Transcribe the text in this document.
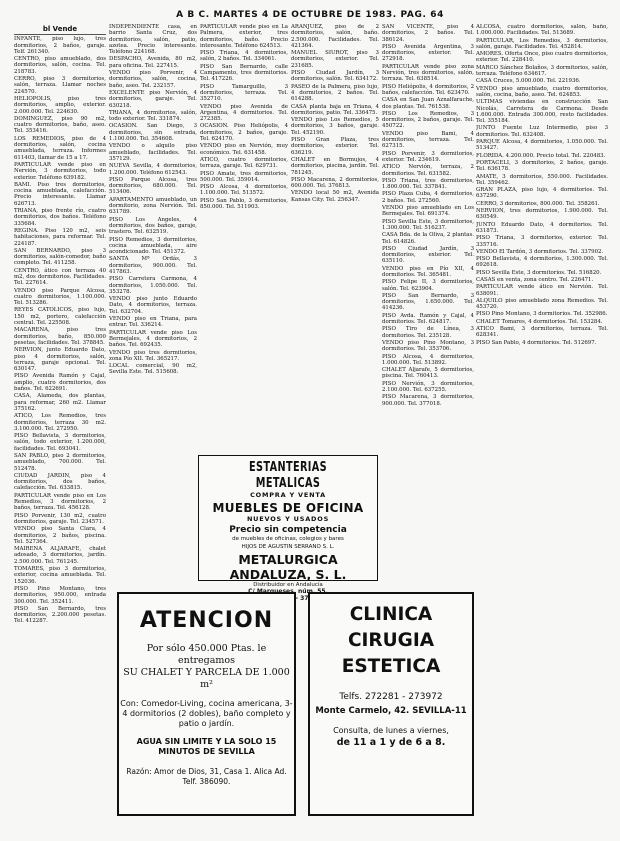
A B C. MARTES 4 DE OCTUBRE DE 1983. PAG. 64
bl Vende

INFANTE, piso lujo, tres dormitorios, 2 baños, garaje. Telf. 261340.

CENTRO, piso amueblado, dos dormitorios, salón, cocina. Tel. 218783.

CERRO, piso 3 dormitorios, salón, terraza. Llamar noches 224570.

HELIOPOLIS, piso tres dormitorios, amplio, exterior. 2.000.000. Tel. 224630.

DOMINGUEZ, piso 90 m2, cuatro dormitorios, baño, aseo. Tel. 353416.

LOS REMEDIOS, piso de 4 dormitorios, salón, cocina amueblada, terraza. Informes 611403, llamar de 15 a 17.

PARTICULAR vende piso en Nervión, 3 dormitorios, todo exterior. Teléfono 639182.

BAMI. Piso tres dormitorios, cocina amueblada, calefacción. Precio interesante. Llamar 626713.

TRIANA, piso frente río, cuatro dormitorios, dos baños. Teléfono 335684.

REGINA. Piso 120 m2, seis habitaciones, para reformar. Tel. 224187.

SAN BERNARDO, piso 3 dormitorios, salón-comedor, baño completo. Tel. 411258.

CENTRO, ático con terraza 40 m2, dos dormitorios. Facilidades. Tel. 227614.

VENDO piso Parque Alcosa, cuatro dormitorios, 1.100.000. Tel. 513286.

REYES CATOLICOS, piso lujo, 150 m2, portero, calefacción central. Tel. 225508.

MACARENA, piso tres dormitorios, baño, 850.000 pesetas, facilidades. Tel. 378845.

NERVION, junto Eduardo Dato, piso 4 dormitorios, salón, terraza, garaje opcional. Tel. 630147.

PISO Avenida Ramón y Cajal, amplio, cuatro dormitorios, dos baños. Tel. 622691.

CASA, Alameda, dos plantas, para reformar, 260 m2. Llamar 375162.

ATICO, Los Remedios, tres dormitorios, terraza 30 m2. 3.100.000. Tel. 272950.

PISO Bellavista, 3 dormitorios, salón, todo exterior, 1.200.000, facilidades. Tel. 693041.

SAN PABLO, piso 2 dormitorios, amueblado, 700.000. Tel. 512478.

CIUDAD JARDIN, piso 4 dormitorios, dos baños, calefacción. Tel. 633815.

PARTICULAR vende piso en Los Remedios, 3 dormitorios, 2 baños, terraza. Tel. 456128.

PISO Porvenir, 130 m2, cuatro dormitorios, garaje. Tel. 234571.

VENDO piso Santa Clara, 4 dormitorios, 2 baños, piscina. Tel. 527364.

MAIRENA ALJARAFE, chalet adosado, 3 dormitorios, jardín. 2.500.000. Tel. 761245.

TOMARES, piso 3 dormitorios, exterior, cocina amueblada. Tel. 152036.

PISO Pino Montano, tres dormitorios, 950.000, entrada 300.000. Tel. 352411.

PISO San Bernardo, tres dormitorios, 2.200.000 pesetas. Tel. 412287.

INDEPENDIENTE casa, en barrio Santa Cruz, dos dormitorios, salón, patio, azotea. Precio interesante. Teléfono 224168.

DESPACHO, Avenida, 80 m2, para oficina. Tel. 227415.

VENDO piso Porvenir, 4 dormitorios, salón, cocina, baño, aseo. Tel. 232157.

EXCELENTE piso Nervión, 4 dormitorios, garaje. Tel. 630218.

TRIANA, 4 dormitorios, salón, todo exterior. Tel. 331874.

OCASION. San Diego, 3 dormitorios, sin entrada, 1.100.000. Tel. 354608.

VENDO o alquilo piso amueblado, facilidades. Tel. 357129.

NUEVA Sevilla, 4 dormitorios, 1.200.000. Teléfono 612543.

PISO Parque Alcosa, tres dormitorios, 680.000. Tel. 513406.

APARTAMENTO amueblado, un dormitorio, zona Nervión. Tel. 631789.

PISO Los Angeles, 4 dormitorios, dos baños, garaje, trastero. Tel. 632519.

PISO Remedios, 3 dormitorios, cocina amueblada, aire acondicionado. Tel. 451372.

SANTA Mª Ordás, 3 dormitorios, 900.000. Tel. 417863.

PISO Carretera Carmona, 4 dormitorios, 1.050.000. Tel. 353278.

VENDO piso junto Eduardo Dato, 4 dormitorios, terraza. Tel. 632704.

VENDO piso en Triana, para entrar. Tel. 336214.

PARTICULAR vende piso Los Bermejales, 4 dormitorios, 2 baños. Tel. 692435.

VENDO piso tres dormitorios, zona Pío XII. Tel. 365217.

LOCAL comercial, 90 m2, Sevilla Este. Tel. 515608.

PARTICULAR vende piso en La Palmera, exterior, tres dormitorios, baño. Precio interesante. Teléfono 624513.

PISO Triana, 4 dormitorios, salón, 2 baños. Tel. 334061.

PISO San Bernardo, calle Campamento, tres dormitorios. Tel. 417226.

PISO Tamarguillo, 3 dormitorios, terraza. Tel. 352710.

VENDO piso Avenida de Argentina, 4 dormitorios. Tel. 272385.

OCASION. Piso Heliópolis, 4 dormitorios, 2 baños, garaje. Tel. 624170.

VENDO piso en Nervión, muy económico. Tel. 631458.

ATICO, cuatro dormitorios, terraza, garaje. Tel. 629731.

PISO Amate, tres dormitorios, 500.000. Tel. 359014.

PISO Alcosa, 4 dormitorios, 1.100.000. Tel. 513572.

PISO San Pablo, 3 dormitorios, 850.000. Tel. 511903.

ARANJUEZ, piso de 2 dormitorios, salón, baño. 2.500.000. Facilidades. Tel. 421364.

MANUEL SIUROT, piso 3 dormitorios, exterior. Tel. 231685.

PISO Ciudad Jardín, 3 dormitorios, salón. Tel. 634172.

PASEO de la Palmera, piso lujo, 4 dormitorios, 2 baños. Tel. 614288.

CASA planta baja en Triana, 4 dormitorios, patio. Tel. 336475.

VENDO piso Los Remedios, 5 dormitorios, 3 baños, garaje. Tel. 452190.

PISO Gran Plaza, tres dormitorios, exterior. Tel. 636219.

CHALET en Bormujos, 4 dormitorios, piscina, jardín. Tel. 781245.

PISO Macarena, 2 dormitorios, 600.000. Tel. 376813.

VENDO local 50 m2, Avenida Kansas City. Tel. 256347.

SAN VICENTE, piso 4 dormitorios, 2 baños. Tel. 386124.

PISO Avenida Argentina, 3 dormitorios, exterior. Tel. 272918.

PARTICULAR vende piso zona Nervión, tres dormitorios, salón, terraza. Tel. 638514.

PISO Heliópolis, 4 dormitorios, 2 baños, calefacción. Tel. 623470.

CASA en San Juan Aznalfarache, dos plantas. Tel. 761538.

PISO Los Remedios, 3 dormitorios, 2 baños, garaje. Tel. 450722.

VENDO piso Bami, 4 dormitorios, terraza. Tel. 627315.

PISO Porvenir, 3 dormitorios, exterior. Tel. 234619.

ATICO Nervión, terraza, 2 dormitorios. Tel. 631582.

PISO Triana, tres dormitorios, 1.800.000. Tel. 337841.

PISO Plaza Cuba, 4 dormitorios, 2 baños. Tel. 272560.

VENDO piso amueblado en Los Bermejales. Tel. 691374.

PISO Sevilla Este, 3 dormitorios, 1.300.000. Tel. 516237.

CASA Bda. de la Oliva, 2 plantas. Tel. 614826.

PISO Ciudad Jardín, 3 dormitorios, exterior. Tel. 635110.

VENDO piso en Pío XII, 4 dormitorios. Tel. 365481.

PISO Felipe II, 3 dormitorios, salón. Tel. 623904.

PISO San Bernardo, 3 dormitorios, 1.650.000. Tel. 414236.

PISO Avda. Ramón y Cajal, 4 dormitorios. Tel. 624817.

PISO Tiro de Línea, 3 dormitorios. Tel. 235128.

VENDO piso Pino Montano, 3 dormitorios. Tel. 353706.

PISO Alcosa, 4 dormitorios, 1.000.000. Tel. 513892.

CHALET Aljarafe, 5 dormitorios, piscina. Tel. 760413.

PISO Nervión, 3 dormitorios, 2.100.000. Tel. 637255.

PISO Macarena, 3 dormitorios, 900.000. Tel. 377018.

ALCOSA, cuatro dormitorios, salón, baño, 1.000.000. Facilidades. Tel. 513689.

PARTICULAR, Los Remedios, 3 dormitorios, salón, garaje. Facilidades. Tel. 452814.

AMORES. Oferta Once, piso cuatro dormitorios, exterior. Tel. 228410.

MARCO Sánchez Bolaños, 3 dormitorios, salón, terraza. Teléfono 634617.

CASA Cruces, 5.000.000. Tel. 221936.

VENDO piso amueblado, cuatro dormitorios, salón, cocina, baño, aseo. Tel. 624853.

ULTIMAS viviendas en construcción San Nicolás, Carretera de Carmona. Desde 1.600.000. Entrada 300.000, resto facilidades. Tel. 355184.

JUNTO Fuente Luz Intermedio, piso 3 dormitorios. Tel. 632408.

PARQUE Alcosa, 4 dormitorios, 1.050.000. Tel. 513427.

FLORIDA. 4.200.000. Precio total. Tel. 220483.

PORTACELI, 3 dormitorios, 2 baños, garaje. Tel. 636178.

AMATE, 3 dormitorios, 550.000. Facilidades. Tel. 359462.

GRAN PLAZA, piso lujo, 4 dormitorios. Tel. 637290.

CERRO, 3 dormitorios, 800.000. Tel. 358261.

NERVION, tres dormitorios, 1.900.000. Tel. 630549.

JUNTO Eduardo Dato, 4 dormitorios. Tel. 631873.

PISO Triana, 3 dormitorios, exterior. Tel. 335716.

VENDO El Tardón, 3 dormitorios. Tel. 337902.

PISO Bellavista, 4 dormitorios, 1.300.000. Tel. 692618.

PISO Sevilla Este, 3 dormitorios. Tel. 516820.

CASAS en venta, zona centro. Tel. 226471.

PARTICULAR vende ático en Nervión. Tel. 638091.

ALQUILO piso amueblado zona Remedios. Tel. 453720.

PISO Pino Montano, 3 dormitorios. Tel. 352986.

CHALET Tomares, 4 dormitorios. Tel. 153284.

ATICO Bami, 3 dormitorios, terraza. Tel. 628341.

PISO San Pablo, 4 dormitorios. Tel. 512697.

ESTANTERIAS METALICAS
COMPRA Y VENTA
MUEBLES DE OFICINA
NUEVOS Y USADOS
Precio sin competencia
de muebles de oficinas, colegios y bares
HIJOS DE AGUSTIN SERRANO S. L.
METALURGICA ANDALUZA, S. L.
Distribuidor en Andalucía
núm.
- 37
ATENCION
Por sólo 450.000 Ptas. le entregamos
SU CHALET Y PARCELA DE 1.000 m²
Con: Comedor-Living, cocina americana, 3-4 dormitorios (2 dobles), baño completo y patio o jardín.
AGUA SIN LIMITE Y LA SOLO 15 MINUTOS DE SEVILLA
Razón: Amor de Dios, 31, Casa 1. Alica Ad. Telf. 386090.
CLINICA
CIRUGIA
ESTETICA
Telfs. 272281 - 273972
Monte Carmelo, 42. SEVILLA-11
Consulta, de lunes a viernes,
de 11 a 1 y de 6 a 8.
